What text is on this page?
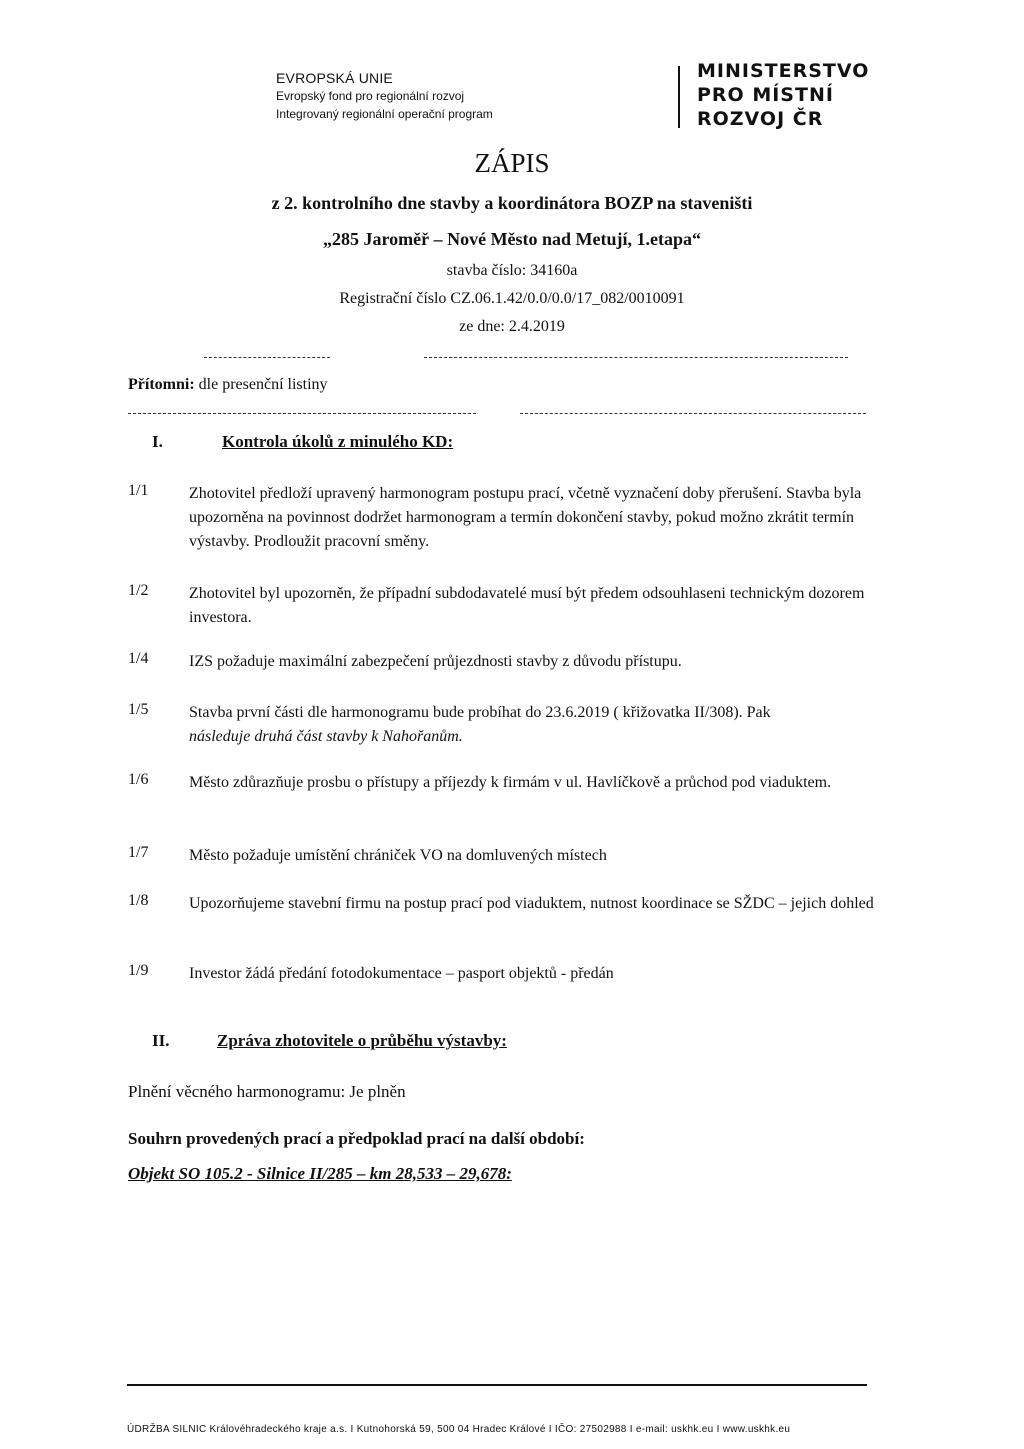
EVROPSKÁ UNIE
Evropský fond pro regionální rozvoj
Integrovaný regionální operační program
MINISTERSTVO
PRO MÍSTNÍ
ROZVOJ ČR
ZÁPIS
z 2. kontrolního dne stavby a koordinátora BOZP na staveništi
„285 Jaroměř – Nové Město nad Metují, 1.etapa“
stavba číslo: 34160a
Registrační číslo CZ.06.1.42/0.0/0.0/17_082/0010091
ze dne: 2.4.2019
Přítomni: dle presenční listiny
I.	Kontrola úkolů z minulého KD:
1/1	Zhotovitel předloží upravený harmonogram postupu prací, včetně vyznačení doby přerušení. Stavba byla upozorněna na povinnost dodržet harmonogram a termín dokončení stavby, pokud možno zkrátit termín výstavby. Prodloužit pracovní směny.
1/2	Zhotovitel byl upozorněn, že případní subdodavatelé musí být předem odsouhlaseni technickým dozorem investora.
1/4	IZS požaduje maximální zabezpečení průjezdnosti stavby z důvodu přístupu.
1/5	Stavba první části dle harmonogramu bude probíhat do 23.6.2019 ( křižovatka II/308). Pak
následuje druhá část stavby k Nahořanům.
1/6	Město zdůrazňuje prosbu o přístupy a příjezdy k firmám v ul. Havlíčkově a průchod pod viaduktem.
1/7	Město požaduje umístění chrániček VO na domluvených místech
1/8	Upozorňujeme stavební firmu na postup prací pod viaduktem, nutnost koordinace se SŽDC – jejich dohled
1/9	Investor žádá předání fotodokumentace – pasport objektů - předán
II.	Zpráva zhotovitele o průběhu výstavby:
Plnění věcného harmonogramu: Je plněn
Souhrn provedených prací a předpoklad prací na další období:
Objekt SO 105.2 - Silnice II/285 – km 28,533 – 29,678:
ÚDRŽBA SILNIC Královéhradeckého kraje a.s. I Kutnohorská 59, 500 04 Hradec Králové I IČO: 27502988 I e-mail: uskhk.eu I www.uskhk.eu
